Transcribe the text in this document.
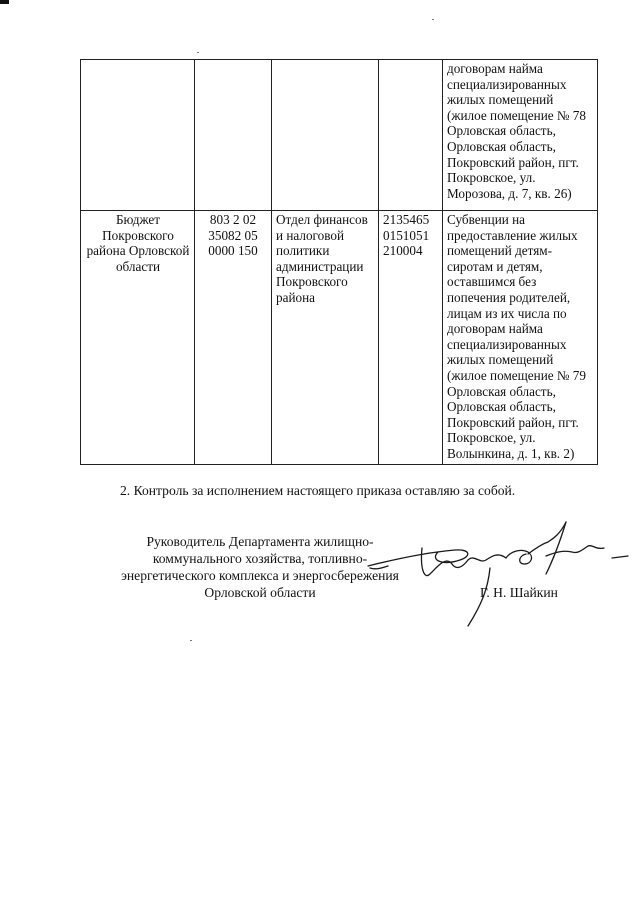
				договорам найма специализированных жилых помещений (жилое помещение № 78 Орловская область, Орловская область, Покровский район, пгт. Покровское, ул. Морозова, д. 7, кв. 26)
Бюджет Покровского района Орловской области	803 2 02 35082 05 0000 150	Отдел финансов и налоговой политики администрации Покровского района	2135465 0151051 210004	Субвенции на предоставление жилых помещений детям-сиротам и детям, оставшимся без попечения родителей, лицам из их числа по договорам найма специализированных жилых помещений (жилое помещение № 79 Орловская область, Орловская область, Покровский район, пгт. Покровское, ул. Волынкина, д. 1, кв. 2)
2. Контроль за исполнением настоящего приказа оставляю за собой.
Руководитель Департамента жилищно-
коммунального хозяйства, топливно-
энергетического комплекса и энергосбережения
Орловской области	Г. Н. Шайкин
